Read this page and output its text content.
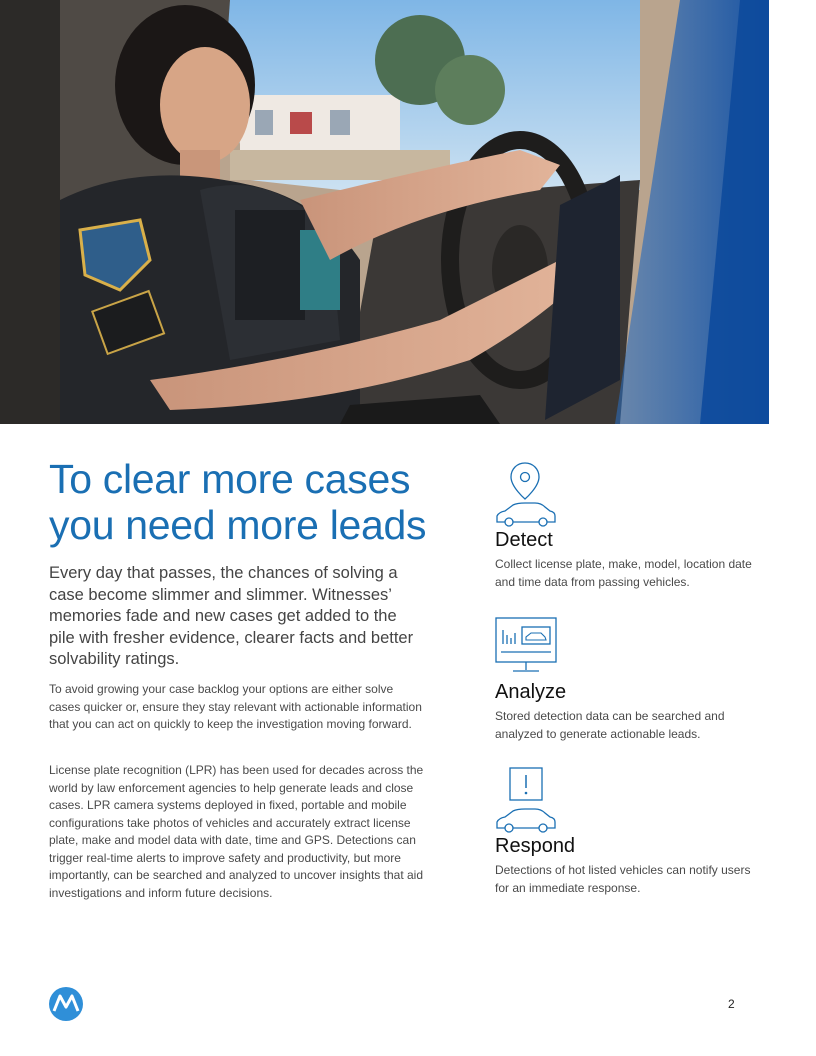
To clear more cases you need more leads

Every day that passes, the chances of solving a case become slimmer and slimmer. Witnesses’ memories fade and new cases get added to the pile with fresher evidence, clearer facts and better solvability ratings.

To avoid growing your case backlog your options are either solve cases quicker or, ensure they stay relevant with actionable information that you can act on quickly to keep the investigation moving forward.

License plate recognition (LPR) has been used for decades across the world by law enforcement agencies to help generate leads and close cases. LPR camera systems deployed in fixed, portable and mobile configurations take photos of vehicles and accurately extract license plate, make and model data with date, time and GPS. Detections can trigger real-time alerts to improve safety and productivity, but more importantly, can be searched and analyzed to uncover insights that aid investigations and inform future decisions.

Detect

Collect license plate, make, model, location date and time data from passing vehicles.

Analyze

Stored detection data can be searched and analyzed to generate actionable leads.

Respond

Detections of hot listed vehicles can notify users for an immediate response.

2
